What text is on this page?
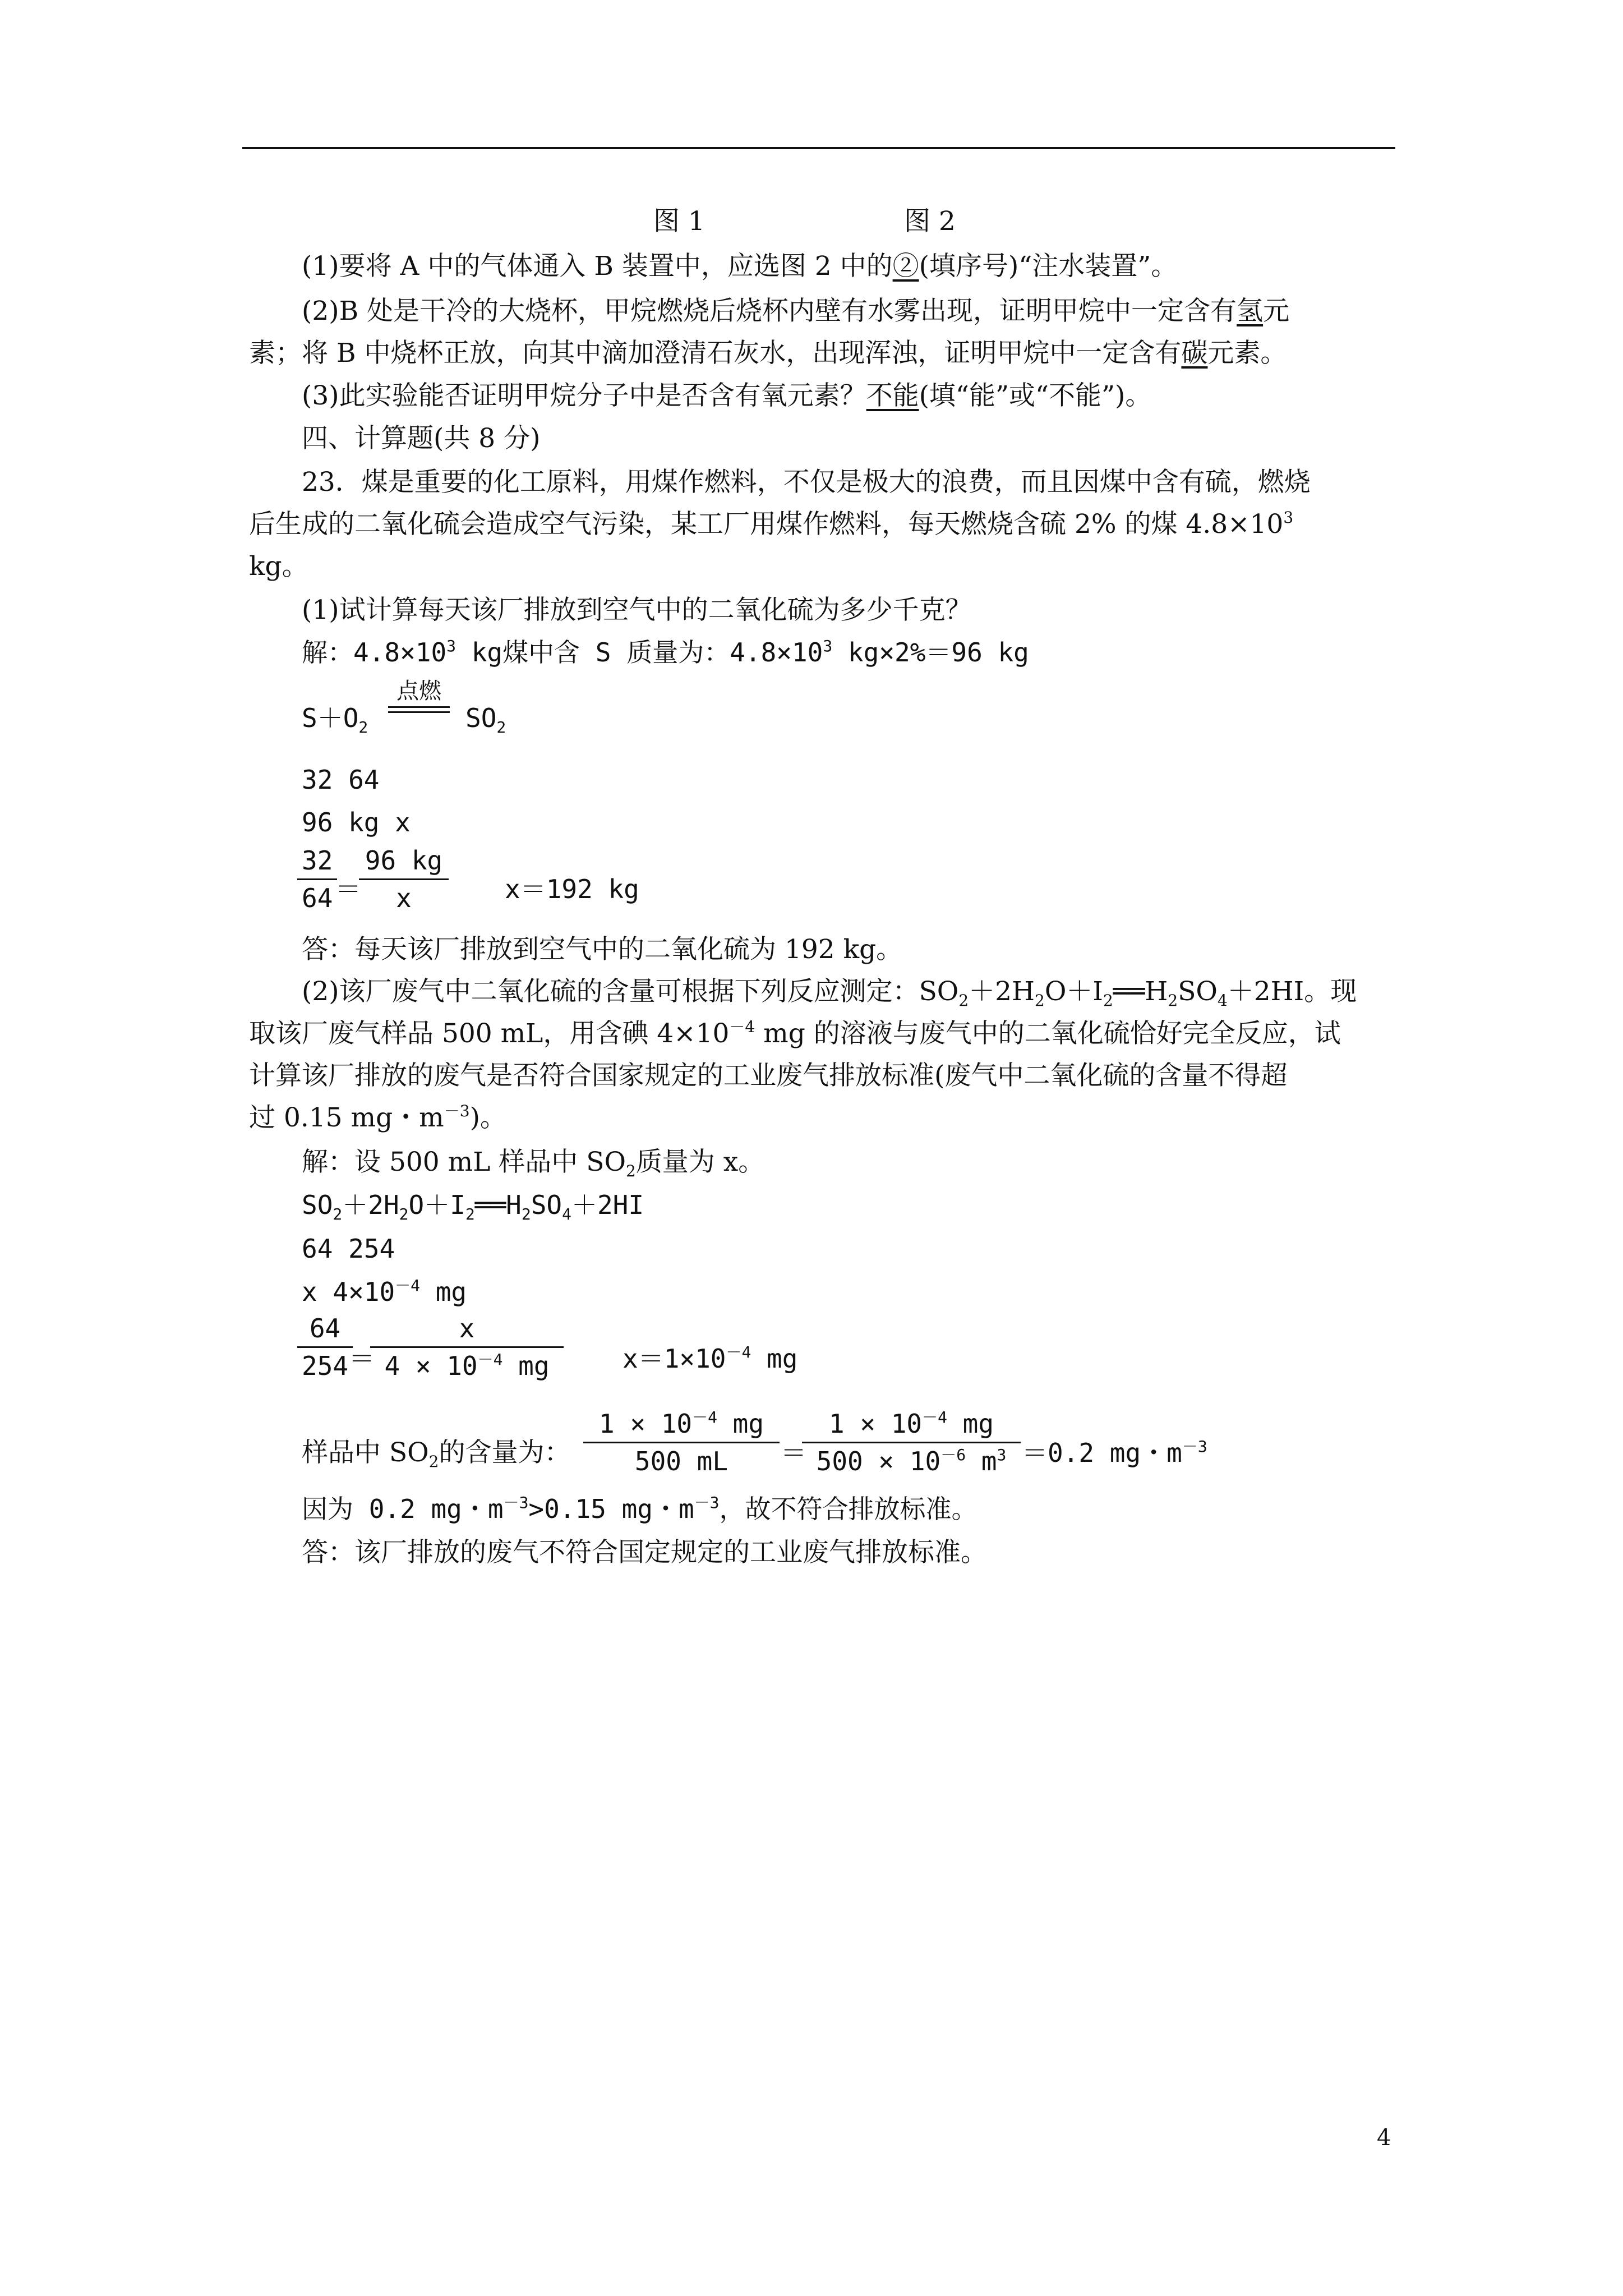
图 1	图 2
(1)要将 A 中的气体通入 B 装置中，应选图 2 中的②(填序号)“注水装置”。
(2)B 处是干冷的大烧杯，甲烷燃烧后烧杯内壁有水雾出现，证明甲烷中一定含有氢元
素；将 B 中烧杯正放，向其中滴加澄清石灰水，出现浑浊，证明甲烷中一定含有碳元素。
(3)此实验能否证明甲烷分子中是否含有氧元素？不能(填“能”或“不能”)。
四、计算题(共 8 分)
23．煤是重要的化工原料，用煤作燃料，不仅是极大的浪费，而且因煤中含有硫，燃烧
后生成的二氧化硫会造成空气污染，某工厂用煤作燃料，每天燃烧含硫 2% 的煤 $4.8\times 10^3$
kg。
(1)试计算每天该厂排放到空气中的二氧化硫为多少千克？
解：$4.8\times 10^3$ kg煤中含 S 质量为：$4.8\times 10^3$ kg×2%＝96 kg
$S+O_2$
点燃
$SO_2$
32 64
96 kg x
$\frac{32}{64}$
＝
$\frac{96 kg}{x} x=192$ kg
答：每天该厂排放到空气中的二氧化硫为 192 kg。
(2)该厂废气中二氧化硫的含量可根据下列反应测定：$SO_2+2H_2O+I_2══H_2SO_4+2HI$。现
取该厂废气样品 500 mL，用含碘 $4\times 10^{-4}$ mg 的溶液与废气中的二氧化硫恰好完全反应，试
计算该厂排放的废气是否符合国家规定的工业废气排放标准(废气中二氧化硫的含量不得超
过 0.15 mg・$m^{-3}$)。
解：设 500 mL 样品中 $SO_2$质量为 x。
$SO_2+2H_2O+I_2══H_2SO_4+2HI$
64 254
x $4\times 10^{-4}$ mg
$\frac{64}{254}$
＝
$\frac{x}{4 \times 10^{-4} mg} x=1\times 10^{-4}$ mg
样品中 $SO_2$的含量为： $\frac{1 \times 10^{-4} mg}{500 mL}$ ＝
$\frac{1 \times 10^{-4} mg}{500 \times 10^{-6} m^3} =0.2$ mg・$m^{-3}$
因为 0.2 mg・$m^{-3}>0.15$ mg・$m^{-3}$，故不符合排放标准。
答：该厂排放的废气不符合国定规定的工业废气排放标准。
4
